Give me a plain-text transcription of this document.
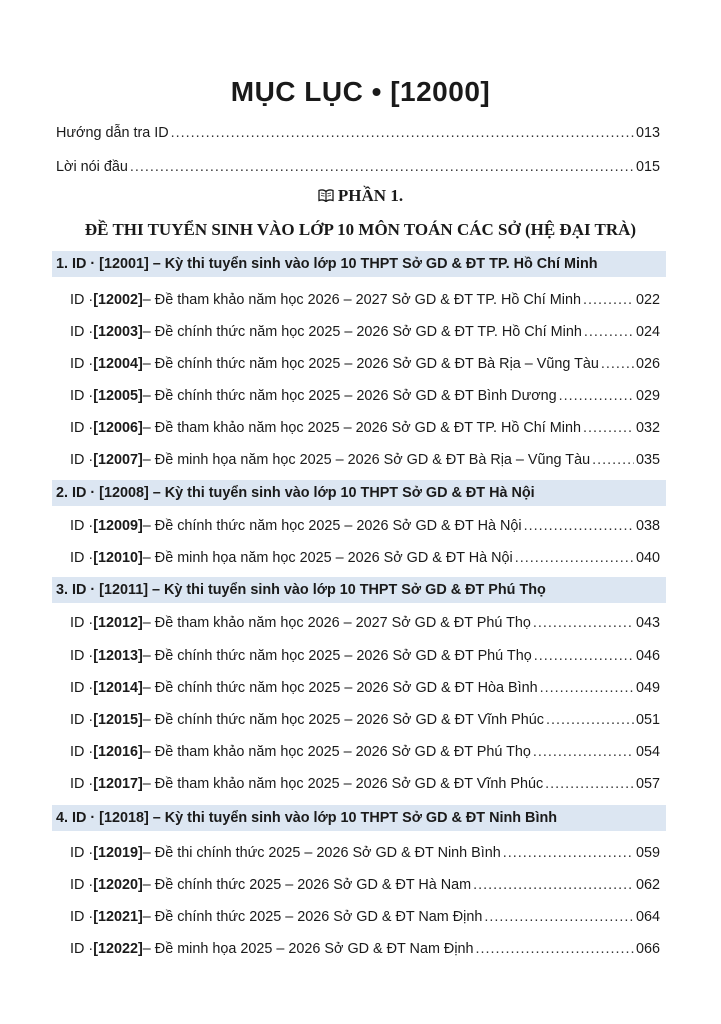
MỤC LỤC • [12000]
Hướng dẫn tra ID .....	013
Lời nói đầu .....	015
PHẦN 1.
ĐỀ THI TUYỂN SINH VÀO LỚP 10 MÔN TOÁN CÁC SỞ (HỆ ĐẠI TRÀ)
1. ID · [12001] – Kỳ thi tuyển sinh vào lớp 10 THPT Sở GD & ĐT TP. Hồ Chí Minh
ID · [12002] – Đề tham khảo năm học 2026 – 2027 Sở GD & ĐT TP. Hồ Chí Minh .....	022
ID · [12003] – Đề chính thức năm học 2025 – 2026 Sở GD & ĐT TP. Hồ Chí Minh .....	024
ID · [12004] – Đề chính thức năm học 2025 – 2026 Sở GD & ĐT Bà Rịa – Vũng Tàu .....	026
ID · [12005] – Đề chính thức năm học 2025 – 2026 Sở GD & ĐT Bình Dương .....	029
ID · [12006] – Đề tham khảo năm học 2025 – 2026 Sở GD & ĐT TP. Hồ Chí Minh .....	032
ID · [12007] – Đề minh họa năm học 2025 – 2026 Sở GD & ĐT Bà Rịa – Vũng Tàu .....	035
2. ID · [12008] – Kỳ thi tuyển sinh vào lớp 10 THPT Sở GD & ĐT Hà Nội
ID · [12009] – Đề chính thức năm học 2025 – 2026 Sở GD & ĐT Hà Nội .....	038
ID · [12010] – Đề minh họa năm học 2025 – 2026 Sở GD & ĐT Hà Nội .....	040
3. ID · [12011] – Kỳ thi tuyển sinh vào lớp 10 THPT Sở GD & ĐT Phú Thọ
ID · [12012] – Đề tham khảo năm học 2026 – 2027 Sở GD & ĐT Phú Thọ .....	043
ID · [12013] – Đề chính thức năm học 2025 – 2026 Sở GD & ĐT Phú Thọ .....	046
ID · [12014] – Đề chính thức năm học 2025 – 2026 Sở GD & ĐT Hòa Bình .....	049
ID · [12015] – Đề chính thức năm học 2025 – 2026 Sở GD & ĐT Vĩnh Phúc .....	051
ID · [12016] – Đề tham khảo năm học 2025 – 2026 Sở GD & ĐT Phú Thọ .....	054
ID · [12017] – Đề tham khảo năm học 2025 – 2026 Sở GD & ĐT Vĩnh Phúc .....	057
4. ID · [12018] – Kỳ thi tuyển sinh vào lớp 10 THPT Sở GD & ĐT Ninh Bình
ID · [12019] – Đề thi chính thức 2025 – 2026 Sở GD & ĐT Ninh Bình .....	059
ID · [12020] – Đề chính thức 2025 – 2026 Sở GD & ĐT Hà Nam .....	062
ID · [12021] – Đề chính thức 2025 – 2026 Sở GD & ĐT Nam Định .....	064
ID · [12022] – Đề minh họa 2025 – 2026 Sở GD & ĐT Nam Định .....	066
